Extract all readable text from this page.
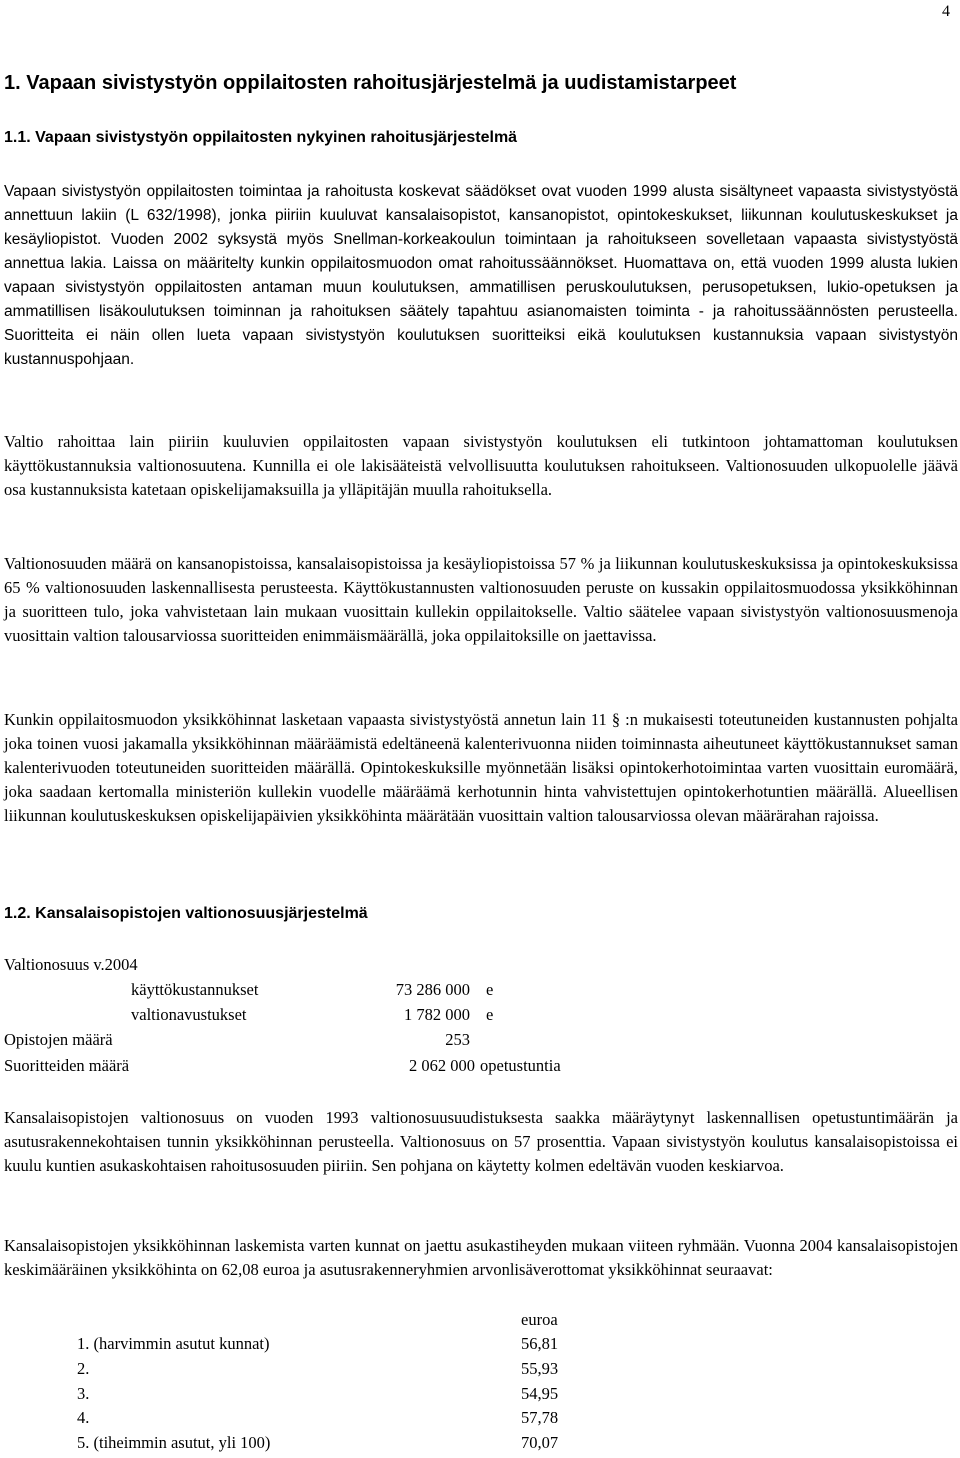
4
1. Vapaan sivistystyön oppilaitosten rahoitusjärjestelmä ja uudistamistarpeet
1.1. Vapaan sivistystyön oppilaitosten nykyinen rahoitusjärjestelmä

Vapaan sivistystyön oppilaitosten toimintaa ja rahoitusta koskevat säädökset ovat vuoden 1999 alusta sisältyneet vapaasta sivistystyöstä annettuun lakiin (L 632/1998), jonka piiriin kuuluvat kansalaisopistot, kansanopistot, opintokeskukset, liikunnan koulutuskeskukset ja kesäyliopistot. Vuoden 2002 syksystä myös Snellman-korkeakoulun toimintaan ja rahoitukseen sovelletaan vapaasta sivistystyöstä annettua lakia. Laissa on määritelty kunkin oppilaitosmuodon omat rahoitussäännökset. Huomattava on, että vuoden 1999 alusta lukien vapaan sivistystyön oppilaitosten antaman muun koulutuksen, ammatillisen peruskoulutuksen, perusopetuksen, lukio-opetuksen ja ammatillisen lisäkoulutuksen toiminnan ja rahoituksen säätely tapahtuu asianomaisten toiminta - ja rahoitussäännösten perusteella. Suoritteita ei näin ollen lueta vapaan sivistystyön koulutuksen suoritteiksi eikä koulutuksen kustannuksia vapaan sivistystyön kustannuspohjaan.

Valtio rahoittaa lain piiriin kuuluvien oppilaitosten vapaan sivistystyön koulutuksen eli tutkintoon johtamattoman koulutuksen käyttökustannuksia valtionosuutena. Kunnilla ei ole lakisääteistä velvollisuutta koulutuksen rahoitukseen. Valtionosuuden ulkopuolelle jäävä osa kustannuksista katetaan opiskelijamaksuilla ja ylläpitäjän muulla rahoituksella.

Valtionosuuden määrä on kansanopistoissa, kansalaisopistoissa ja kesäyliopistoissa 57 % ja liikunnan koulutuskeskuksissa ja opintokeskuksissa 65 % valtionosuuden laskennallisesta perusteesta. Käyttökustannusten valtionosuuden peruste on kussakin oppilaitosmuodossa yksikköhinnan ja suoritteen tulo, joka vahvistetaan lain mukaan vuosittain kullekin oppilaitokselle. Valtio säätelee vapaan sivistystyön valtionosuusmenoja vuosittain valtion talousarviossa suoritteiden enimmäismäärällä, joka oppilaitoksille on jaettavissa.

Kunkin oppilaitosmuodon yksikköhinnat lasketaan vapaasta sivistystyöstä annetun lain 11 § :n mukaisesti toteutuneiden kustannusten pohjalta joka toinen vuosi jakamalla yksikköhinnan määräämistä edeltäneenä kalenterivuonna niiden toiminnasta aiheutuneet käyttökustannukset saman kalenterivuoden toteutuneiden suoritteiden määrällä. Opintokeskuksille myönnetään lisäksi opintokerhotoimintaa varten vuosittain euromäärä, joka saadaan kertomalla ministeriön kullekin vuodelle määräämä kerhotunnin hinta vahvistettujen opintokerhotuntien määrällä. Alueellisen liikunnan koulutuskeskuksen opiskelijapäivien yksikköhinta määrätään vuosittain valtion talousarviossa olevan määrärahan rajoissa.

1.2. Kansalaisopistojen valtionosuusjärjestelmä
Valtionosuus v.2004
käyttökustannukset	73 286 000 e
valtionavustukset	1 782 000 e
Opistojen määrä	253
Suoritteiden määrä	2 062 000 opetustuntia

Kansalaisopistojen valtionosuus on vuoden 1993 valtionosuusuudistuksesta saakka määräytynyt laskennallisen opetustuntimäärän ja asutusrakennekohtaisen tunnin yksikköhinnan perusteella. Valtionosuus on 57 prosenttia. Vapaan sivistystyön koulutus kansalaisopistoissa ei kuulu kuntien asukaskohtaisen rahoitusosuuden piiriin. Sen pohjana on käytetty kolmen edeltävän vuoden keskiarvoa.

Kansalaisopistojen yksikköhinnan laskemista varten kunnat on jaettu asukastiheyden mukaan viiteen ryhmään. Vuonna 2004 kansalaisopistojen keskimääräinen yksikköhinta on 62,08 euroa ja asutusrakenneryhmien arvonlisäverottomat yksikköhinnat seuraavat:

euroa
1. (harvimmin asutut kunnat)	56,81
2.	55,93
3.	54,95
4.	57,78
5. (tiheimmin asutut, yli 100)	70,07
